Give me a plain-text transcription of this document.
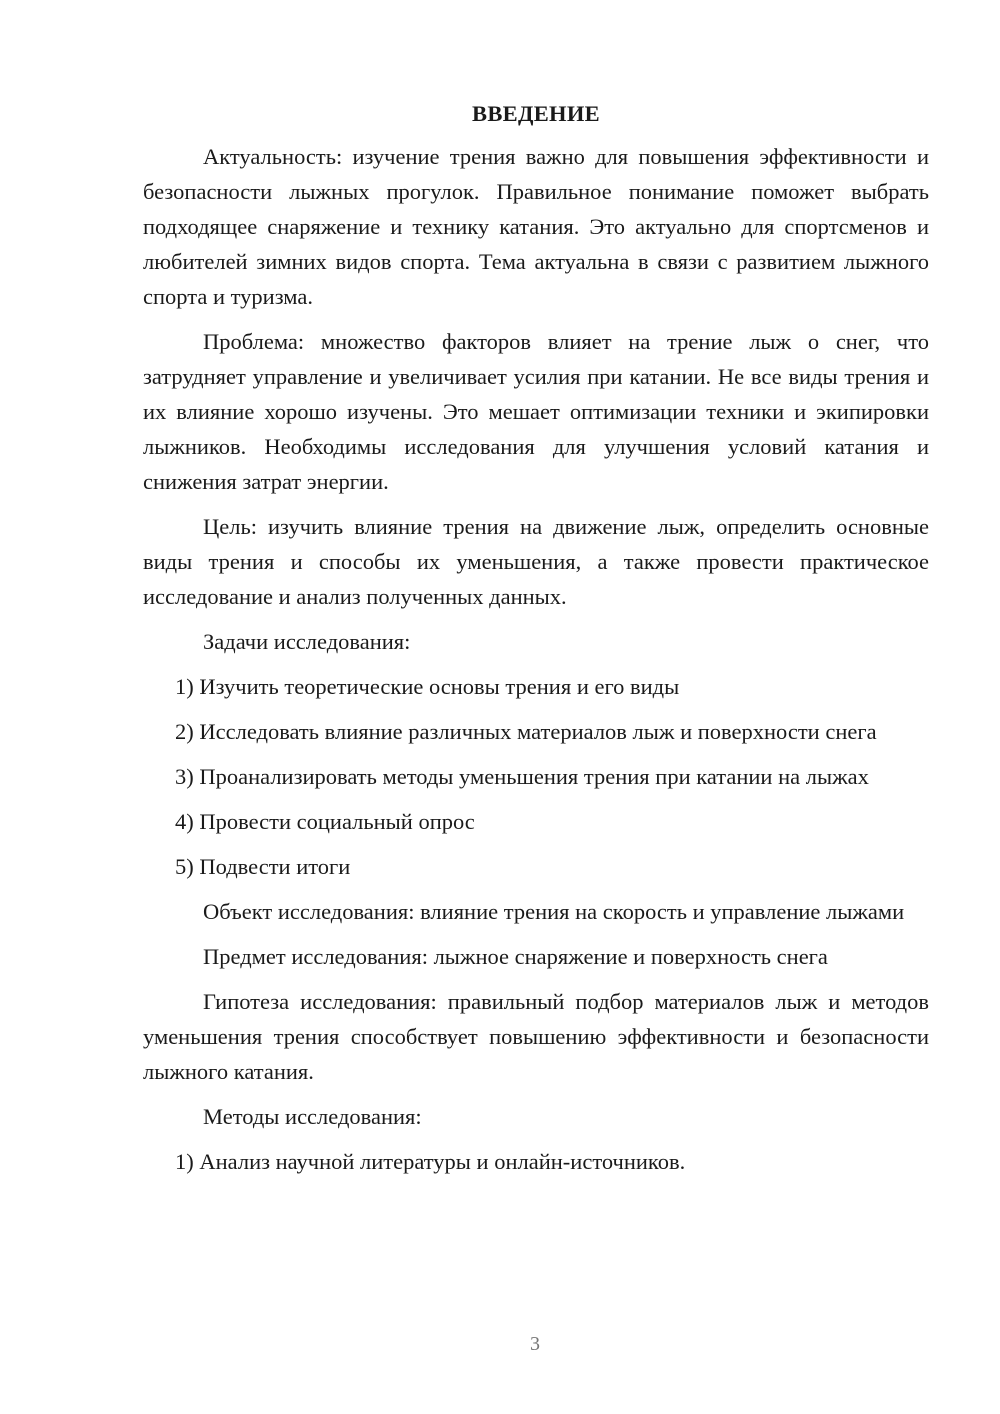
ВВЕДЕНИЕ
Актуальность: изучение трения важно для повышения эффективности и безопасности лыжных прогулок. Правильное понимание поможет выбрать подходящее снаряжение и технику катания. Это актуально для спортсменов и любителей зимних видов спорта. Тема актуальна в связи с развитием лыжного спорта и туризма.
Проблема: множество факторов влияет на трение лыж о снег, что затрудняет управление и увеличивает усилия при катании. Не все виды трения и их влияние хорошо изучены. Это мешает оптимизации техники и экипировки лыжников. Необходимы исследования для улучшения условий катания и снижения затрат энергии.
Цель: изучить влияние трения на движение лыж, определить основные виды трения и способы их уменьшения, а также провести практическое исследование и анализ полученных данных.
Задачи исследования:
1) Изучить теоретические основы трения и его виды
2) Исследовать влияние различных материалов лыж и поверхности снега
3) Проанализировать методы уменьшения трения при катании на лыжах
4) Провести социальный опрос
5) Подвести итоги
Объект исследования: влияние трения на скорость и управление лыжами
Предмет исследования: лыжное снаряжение и поверхность снега
Гипотеза исследования: правильный подбор материалов лыж и методов уменьшения трения способствует повышению эффективности и безопасности лыжного катания.
Методы исследования:
1) Анализ научной литературы и онлайн-источников.
3
